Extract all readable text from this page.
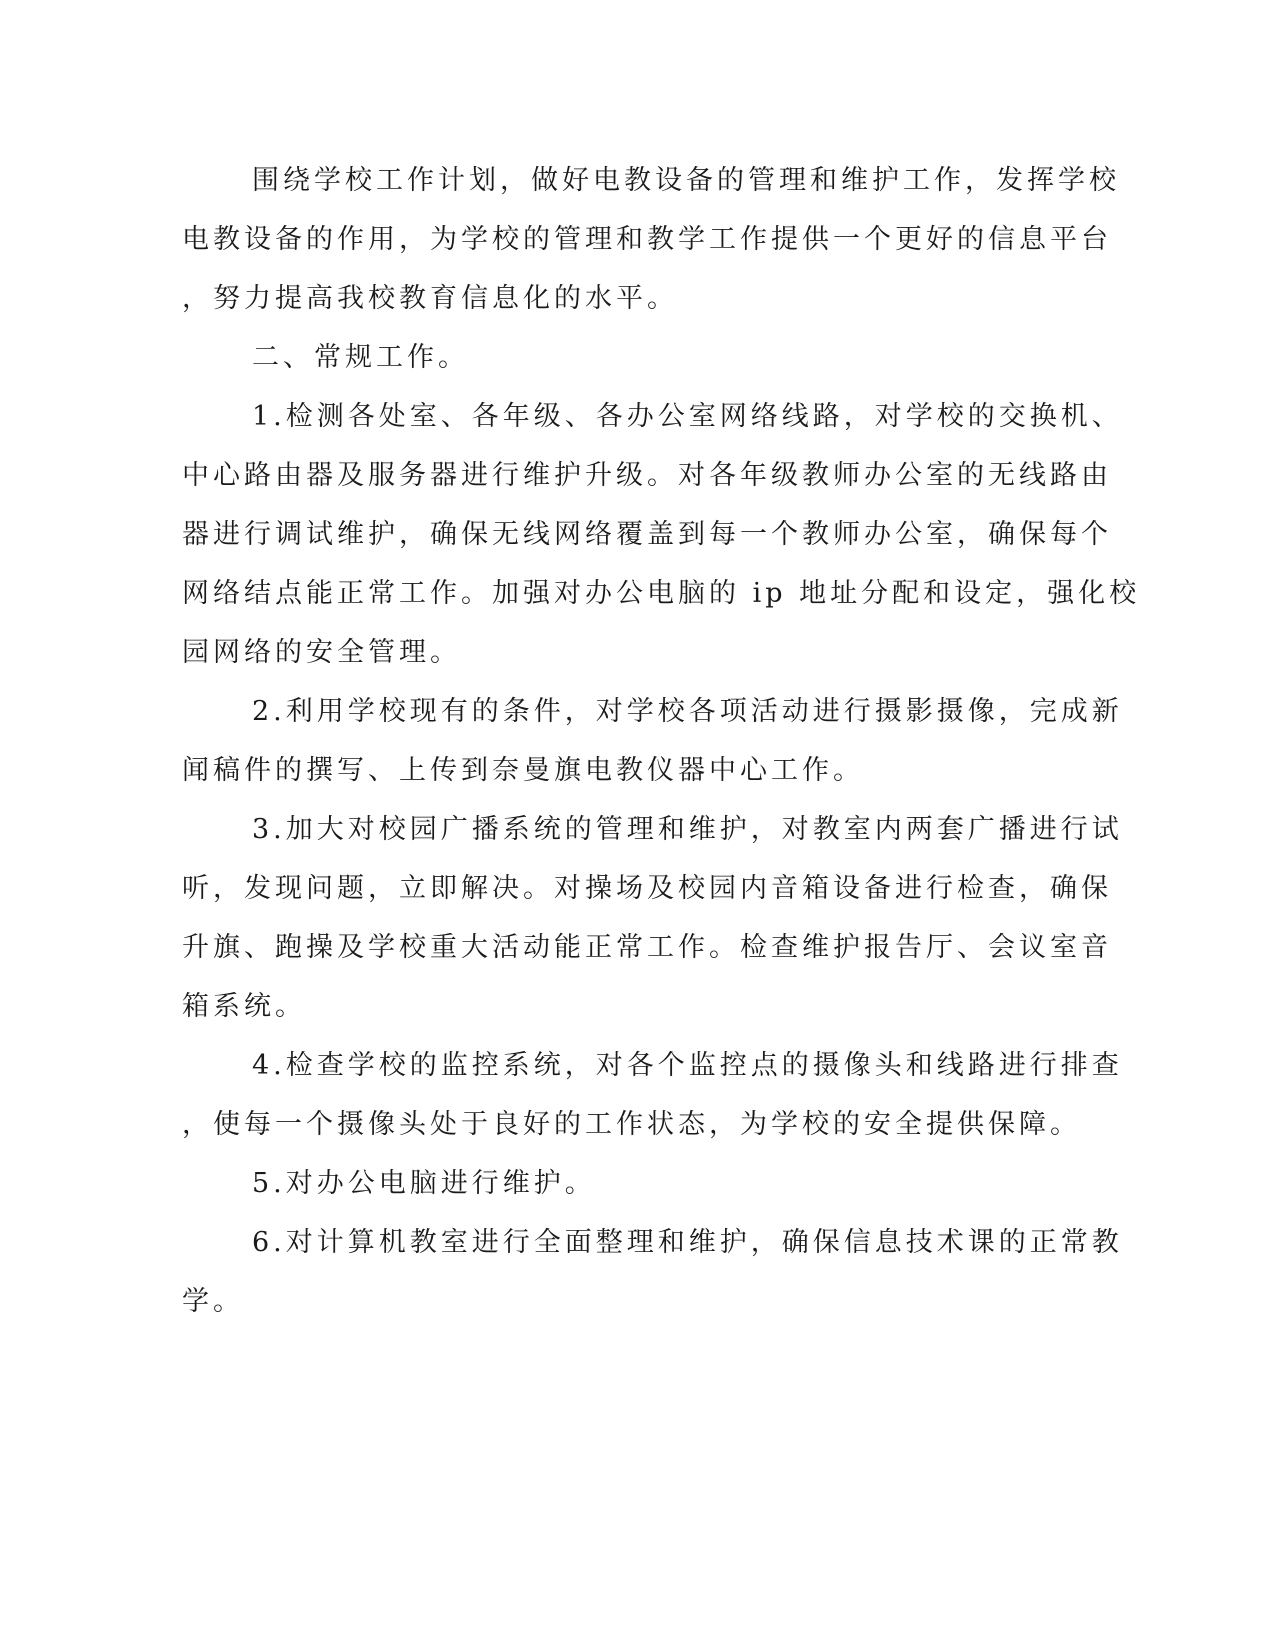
围绕学校工作计划，做好电教设备的管理和维护工作，发挥学校
电教设备的作用，为学校的管理和教学工作提供一个更好的信息平台
，努力提高我校教育信息化的水平。
二、常规工作。
1.检测各处室、各年级、各办公室网络线路，对学校的交换机、
中心路由器及服务器进行维护升级。对各年级教师办公室的无线路由
器进行调试维护，确保无线网络覆盖到每一个教师办公室，确保每个
网络结点能正常工作。加强对办公电脑的 ip 地址分配和设定，强化校
园网络的安全管理。
2.利用学校现有的条件，对学校各项活动进行摄影摄像，完成新
闻稿件的撰写、上传到奈曼旗电教仪器中心工作。
3.加大对校园广播系统的管理和维护，对教室内两套广播进行试
听，发现问题，立即解决。对操场及校园内音箱设备进行检查，确保
升旗、跑操及学校重大活动能正常工作。检查维护报告厅、会议室音
箱系统。
4.检查学校的监控系统，对各个监控点的摄像头和线路进行排查
，使每一个摄像头处于良好的工作状态，为学校的安全提供保障。
5.对办公电脑进行维护。
6.对计算机教室进行全面整理和维护，确保信息技术课的正常教
学。
